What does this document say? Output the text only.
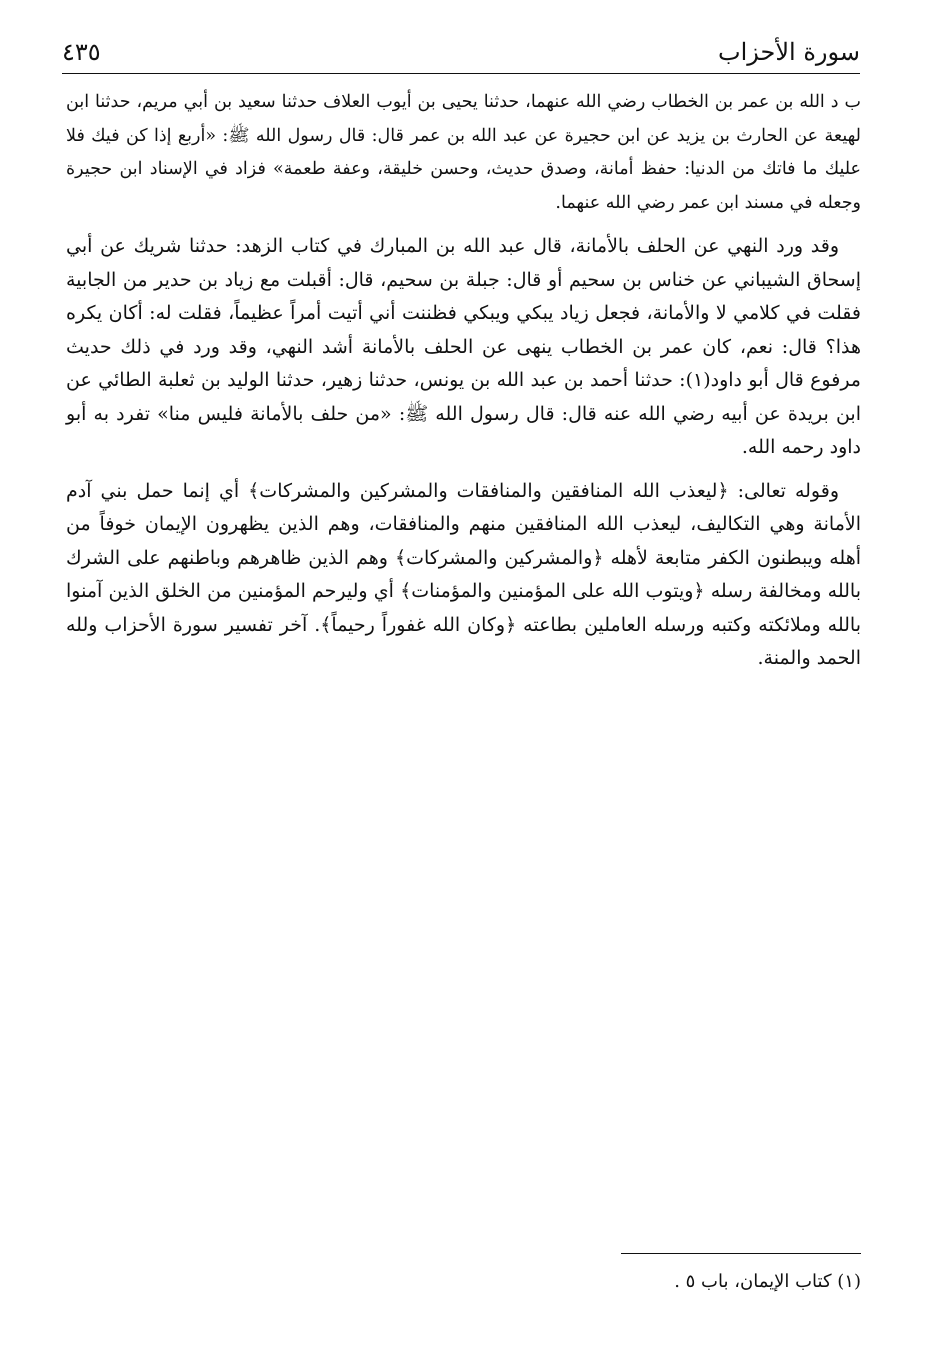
سورة الأحزاب
٤٣٥

ب د الله بن عمر بن الخطاب رضي الله عنهما، حدثنا يحيى بن أيوب العلاف حدثنا سعيد بن أبي مريم، حدثنا ابن لهيعة عن الحارث بن يزيد عن ابن حجيرة عن عبد الله بن عمر قال: قال رسول الله ﷺ: «أربع إذا كن فيك فلا عليك ما فاتك من الدنيا: حفظ أمانة، وصدق حديث، وحسن خليقة، وعفة طعمة» فزاد في الإسناد ابن حجيرة وجعله في مسند ابن عمر رضي الله عنهما.

وقد ورد النهي عن الحلف بالأمانة، قال عبد الله بن المبارك في كتاب الزهد: حدثنا شريك عن أبي إسحاق الشيباني عن خناس بن سحيم أو قال: جبلة بن سحيم، قال: أقبلت مع زياد بن حدير من الجابية فقلت في كلامي لا والأمانة، فجعل زياد يبكي ويبكي فظننت أني أتيت أمراً عظيماً، فقلت له: أكان يكره هذا؟ قال: نعم، كان عمر بن الخطاب ينهى عن الحلف بالأمانة أشد النهي، وقد ورد في ذلك حديث مرفوع قال أبو داود(١): حدثنا أحمد بن عبد الله بن يونس، حدثنا زهير، حدثنا الوليد بن ثعلبة الطائي عن ابن بريدة عن أبيه رضي الله عنه قال: قال رسول الله ﷺ: «من حلف بالأمانة فليس منا» تفرد به أبو داود رحمه الله.

وقوله تعالى: ﴿ليعذب الله المنافقين والمنافقات والمشركين والمشركات﴾ أي إنما حمل بني آدم الأمانة وهي التكاليف، ليعذب الله المنافقين منهم والمنافقات، وهم الذين يظهرون الإيمان خوفاً من أهله ويبطنون الكفر متابعة لأهله ﴿والمشركين والمشركات﴾ وهم الذين ظاهرهم وباطنهم على الشرك بالله ومخالفة رسله ﴿ويتوب الله على المؤمنين والمؤمنات﴾ أي وليرحم المؤمنين من الخلق الذين آمنوا بالله وملائكته وكتبه ورسله العاملين بطاعته ﴿وكان الله غفوراً رحيماً﴾. آخر تفسير سورة الأحزاب ولله الحمد والمنة.

(١) كتاب الإيمان، باب ٥ .
